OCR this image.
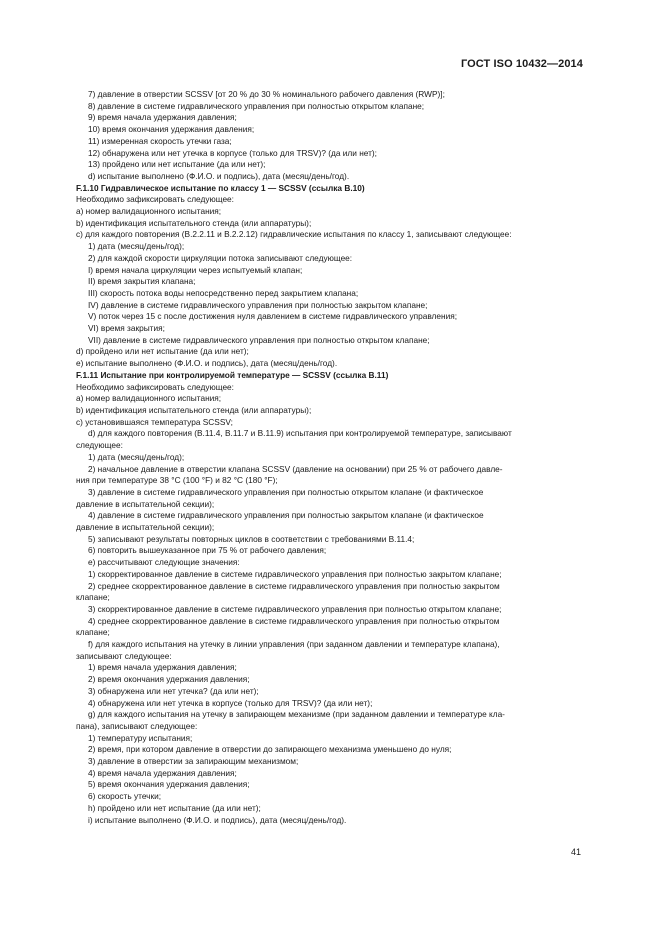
ГОСТ ISO 10432—2014
7) давление в отверстии SCSSV [от 20 % до 30 % номинального рабочего давления (RWP)];
8) давление в системе гидравлического управления при полностью открытом клапане;
9) время начала удержания давления;
10) время окончания удержания давления;
11) измеренная скорость утечки газа;
12) обнаружена или нет утечка в корпусе (только для TRSV)? (да или нет);
13) пройдено или нет испытание (да или нет);
d) испытание выполнено (Ф.И.О. и подпись), дата (месяц/день/год).
F.1.10 Гидравлическое испытание по классу 1 — SCSSV (ссылка В.10)
Необходимо зафиксировать следующее:
a) номер валидационного испытания;
b) идентификация испытательного стенда (или аппаратуры);
c) для каждого повторения (B.2.2.11 и B.2.2.12) гидравлические испытания по классу 1, записывают следующее:
1) дата (месяц/день/год);
2) для каждой скорости циркуляции потока записывают следующее:
I) время начала циркуляции через испытуемый клапан;
II) время закрытия клапана;
III) скорость потока воды непосредственно перед закрытием клапана;
IV) давление в системе гидравлического управления при полностью закрытом клапане;
V) поток через 15 с после достижения нуля давлением в системе гидравлического управления;
VI) время закрытия;
VII) давление в системе гидравлического управления при полностью открытом клапане;
d) пройдено или нет испытание (да или нет);
e) испытание выполнено (Ф.И.О. и подпись), дата (месяц/день/год).
F.1.11 Испытание при контролируемой температуре — SCSSV (ссылка В.11)
Необходимо зафиксировать следующее:
a) номер валидационного испытания;
b) идентификация испытательного стенда (или аппаратуры);
c) установившаяся температура SCSSV;
d) для каждого повторения (B.11.4, B.11.7 и B.11.9) испытания при контролируемой температуре, записывают
следующее:
1) дата (месяц/день/год);
2) начальное давление в отверстии клапана SCSSV (давление на основании) при 25 % от рабочего давле-
ния при температуре 38 °С (100 °F) и 82 °С (180 °F);
3) давление в системе гидравлического управления при полностью открытом клапане (и фактическое
давление в испытательной секции);
4) давление в системе гидравлического управления при полностью закрытом клапане (и фактическое
давление в испытательной секции);
5) записывают результаты повторных циклов в соответствии с требованиями B.11.4;
6) повторить вышеуказанное при 75 % от рабочего давления;
e) рассчитывают следующие значения:
1) скорректированное давление в системе гидравлического управления при полностью закрытом клапане;
2) среднее скорректированное давление в системе гидравлического управления при полностью закрытом
клапане;
3) скорректированное давление в системе гидравлического управления при полностью открытом клапане;
4) среднее скорректированное давление в системе гидравлического управления при полностью открытом
клапане;
f) для каждого испытания на утечку в линии управления (при заданном давлении и температуре клапана),
записывают следующее:
1) время начала удержания давления;
2) время окончания удержания давления;
3) обнаружена или нет утечка? (да или нет);
4) обнаружена или нет утечка в корпусе (только для TRSV)? (да или нет);
g) для каждого испытания на утечку в запирающем механизме (при заданном давлении и температуре кла-
пана), записывают следующее:
1) температуру испытания;
2) время, при котором давление в отверстии до запирающего механизма уменьшено до нуля;
3) давление в отверстии за запирающим механизмом;
4) время начала удержания давления;
5) время окончания удержания давления;
6) скорость утечки;
h) пройдено или нет испытание (да или нет);
i) испытание выполнено (Ф.И.О. и подпись), дата (месяц/день/год).
41
